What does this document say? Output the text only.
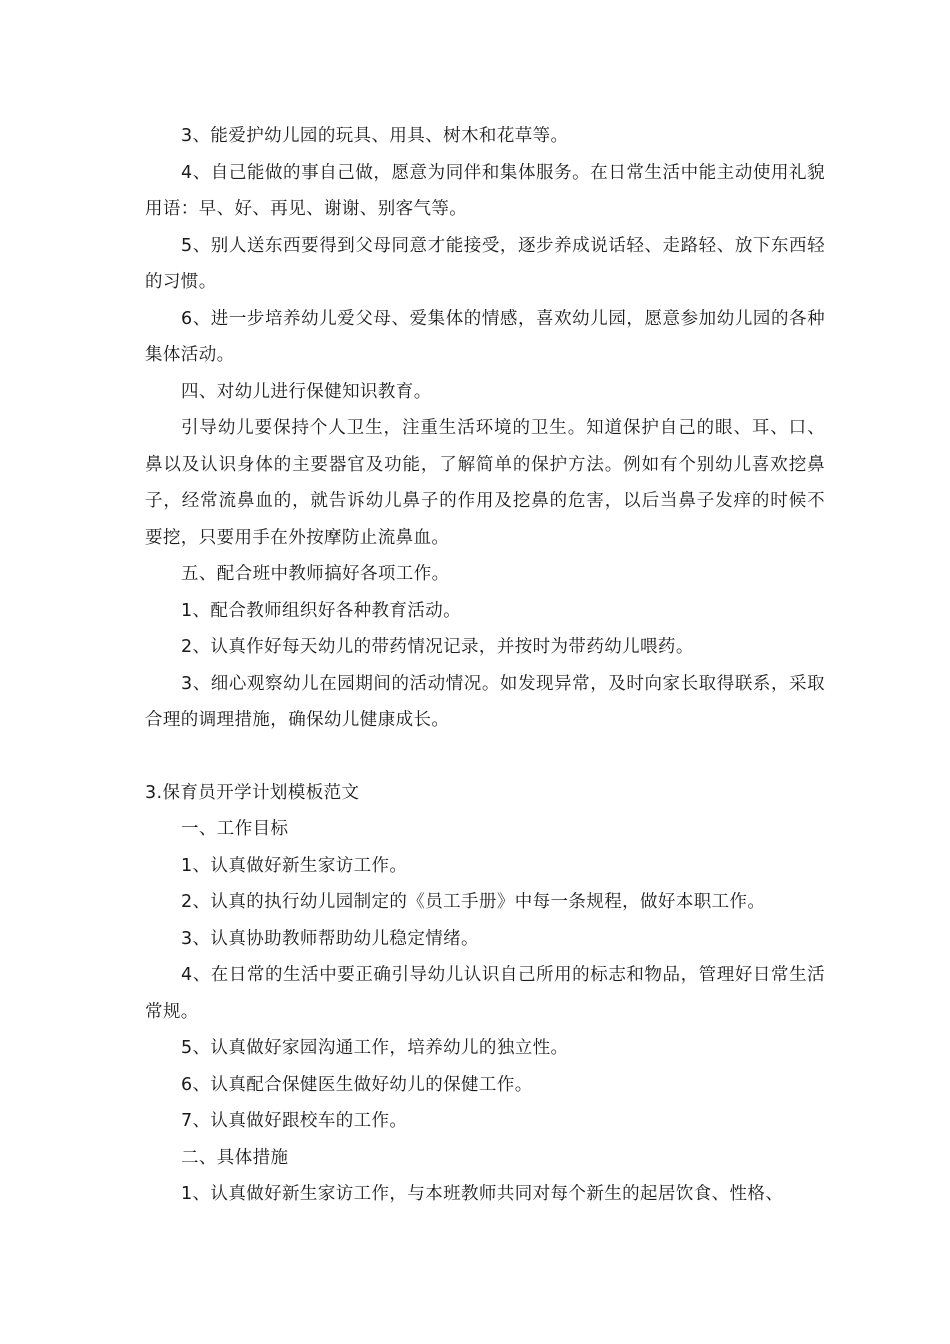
3、能爱护幼儿园的玩具、用具、树木和花草等。

4、自己能做的事自己做，愿意为同伴和集体服务。在日常生活中能主动使用礼貌用语：早、好、再见、谢谢、别客气等。

5、别人送东西要得到父母同意才能接受，逐步养成说话轻、走路轻、放下东西轻的习惯。

6、进一步培养幼儿爱父母、爱集体的情感，喜欢幼儿园，愿意参加幼儿园的各种集体活动。

四、对幼儿进行保健知识教育。

引导幼儿要保持个人卫生，注重生活环境的卫生。知道保护自己的眼、耳、口、鼻以及认识身体的主要器官及功能，了解简单的保护方法。例如有个别幼儿喜欢挖鼻子，经常流鼻血的，就告诉幼儿鼻子的作用及挖鼻的危害，以后当鼻子发痒的时候不要挖，只要用手在外按摩防止流鼻血。

五、配合班中教师搞好各项工作。

1、配合教师组织好各种教育活动。

2、认真作好每天幼儿的带药情况记录，并按时为带药幼儿喂药。

3、细心观察幼儿在园期间的活动情况。如发现异常，及时向家长取得联系，采取合理的调理措施，确保幼儿健康成长。

3.保育员开学计划模板范文

一、工作目标

1、认真做好新生家访工作。

2、认真的执行幼儿园制定的《员工手册》中每一条规程，做好本职工作。

3、认真协助教师帮助幼儿稳定情绪。

4、在日常的生活中要正确引导幼儿认识自己所用的标志和物品，管理好日常生活常规。

5、认真做好家园沟通工作，培养幼儿的独立性。

6、认真配合保健医生做好幼儿的保健工作。

7、认真做好跟校车的工作。

二、具体措施

1、认真做好新生家访工作，与本班教师共同对每个新生的起居饮食、性格、
